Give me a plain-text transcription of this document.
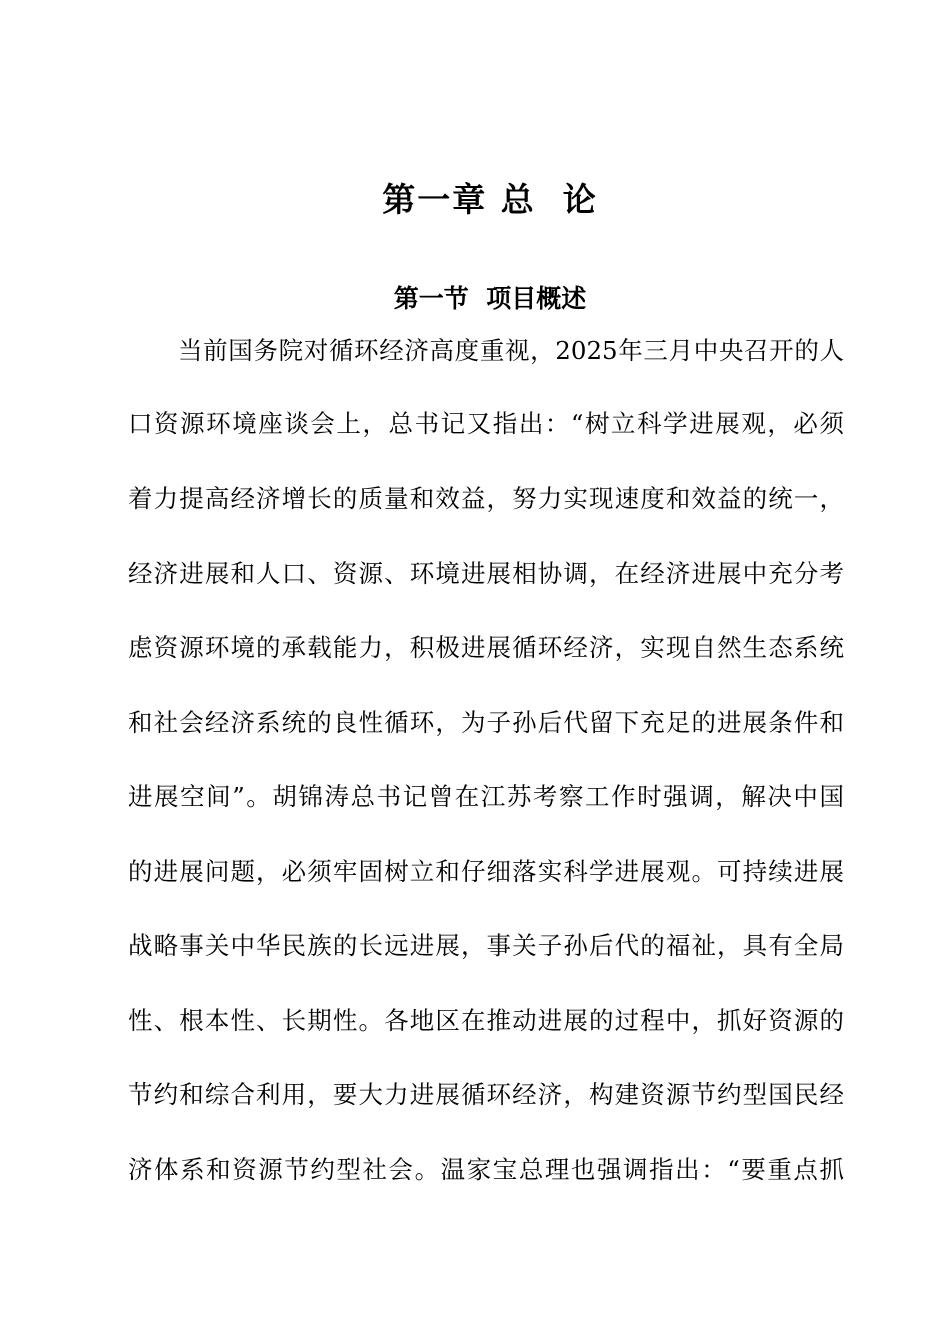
第一章 总  论
第一节  项目概述
当前国务院对循环经济高度重视，2025年三月中央召开的人
口资源环境座谈会上，总书记又指出：“树立科学进展观，必须
着力提高经济增长的质量和效益，努力实现速度和效益的统一，
经济进展和人口、资源、环境进展相协调，在经济进展中充分考
虑资源环境的承载能力，积极进展循环经济，实现自然生态系统
和社会经济系统的良性循环，为子孙后代留下充足的进展条件和
进展空间”。胡锦涛总书记曾在江苏考察工作时强调，解决中国
的进展问题，必须牢固树立和仔细落实科学进展观。可持续进展
战略事关中华民族的长远进展，事关子孙后代的福祉，具有全局
性、根本性、长期性。各地区在推动进展的过程中，抓好资源的
节约和综合利用，要大力进展循环经济，构建资源节约型国民经
济体系和资源节约型社会。温家宝总理也强调指出：“要重点抓
